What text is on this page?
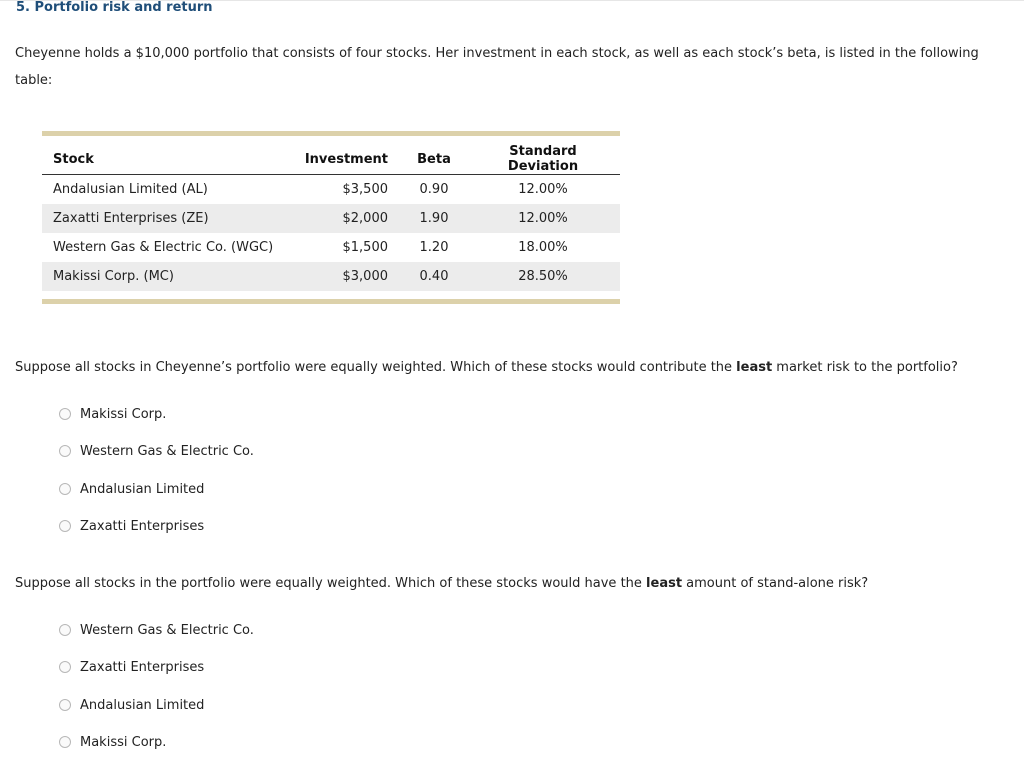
5. Portfolio risk and return
Cheyenne holds a $10,000 portfolio that consists of four stocks. Her investment in each stock, as well as each stock’s beta, is listed in the following table:
Stock	Investment	Beta	Standard Deviation
Andalusian Limited (AL)	$3,500	0.90	12.00%
Zaxatti Enterprises (ZE)	$2,000	1.90	12.00%
Western Gas & Electric Co. (WGC)	$1,500	1.20	18.00%
Makissi Corp. (MC)	$3,000	0.40	28.50%
Suppose all stocks in Cheyenne’s portfolio were equally weighted. Which of these stocks would contribute the least market risk to the portfolio?
Makissi Corp.
Western Gas & Electric Co.
Andalusian Limited
Zaxatti Enterprises
Suppose all stocks in the portfolio were equally weighted. Which of these stocks would have the least amount of stand-alone risk?
Western Gas & Electric Co.
Zaxatti Enterprises
Andalusian Limited
Makissi Corp.
